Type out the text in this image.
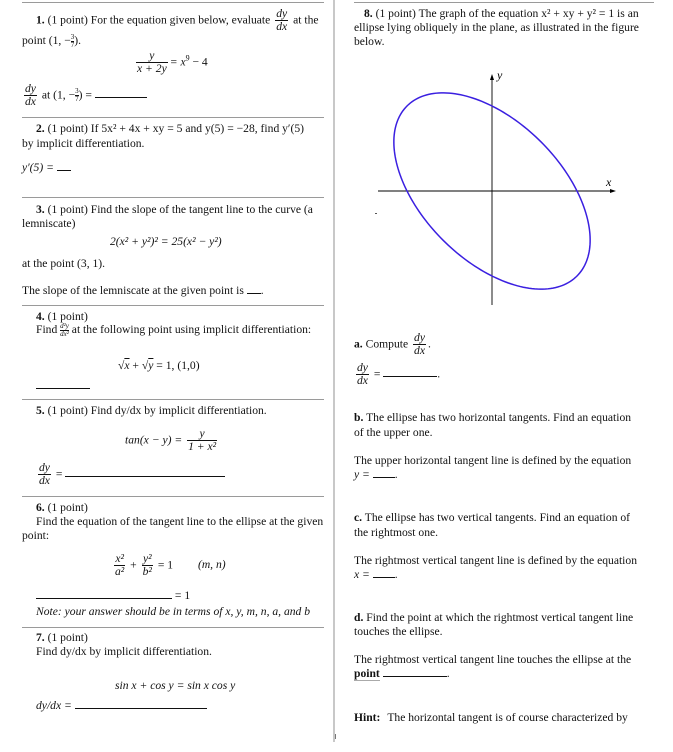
1. (1 point) For the equation given below, evaluate $\frac{dy}{dx}$ at the
point (1, − $\frac{3}{7}$ ).
$\frac{y}{x + 2y} = x^9 - 4$
$\frac{dy}{dx}$ at (1, − $\frac{3}{7}$ ) =
2. (1 point) If 5x² + 4x + xy = 5 and y(5) = −28, find y′(5)
by implicit differentiation.
y′(5) =
3. (1 point) Find the slope of the tangent line to the curve (a
lemniscate)
2(x² + y²)² = 25(x² − y²)
at the point (3, 1).
The slope of the lemniscate at the given point is .
4. (1 point)
Find $\frac{\text{d²y}}{\text{dx²}}$ at the following point using implicit differentiation:
√x + √y = 1, (1,0)
5. (1 point) Find dy/dx by implicit differentiation.
$\tan(x - y) = \frac{y}{\text{1 + x²}}$
$\frac{dy}{dx}$ =
6. (1 point)
Find the equation of the tangent line to the ellipse at the given
point:
$\frac{\text{x²}}{\text{a²}} + \frac{\text{y²}}{\text{b²}} = 1$ (m, n)
= 1
Note: your answer should be in terms of x, y, m, n, a, and b
7. (1 point)
Find dy/dx by implicit differentiation.
sin x + cos y = sin x cos y
dy/dx =
8. (1 point) The graph of the equation x² + xy + y² = 1 is an
ellipse lying obliquely in the plane, as illustrated in the figure
below.
x
y
a. Compute $\frac{dy}{dx}$ .
$\frac{dy}{dx}$ =	.
b. The ellipse has two horizontal tangents. Find an equation
of the upper one.
The upper horizontal tangent line is defined by the equation
y = .
c. The ellipse has two vertical tangents. Find an equation of
the rightmost one.
The rightmost vertical tangent line is defined by the equation
x = .
d. Find the point at which the rightmost vertical tangent line
touches the ellipse.
The rightmost vertical tangent line touches the ellipse at the
point	.
Hint: The horizontal tangent is of course characterized by
